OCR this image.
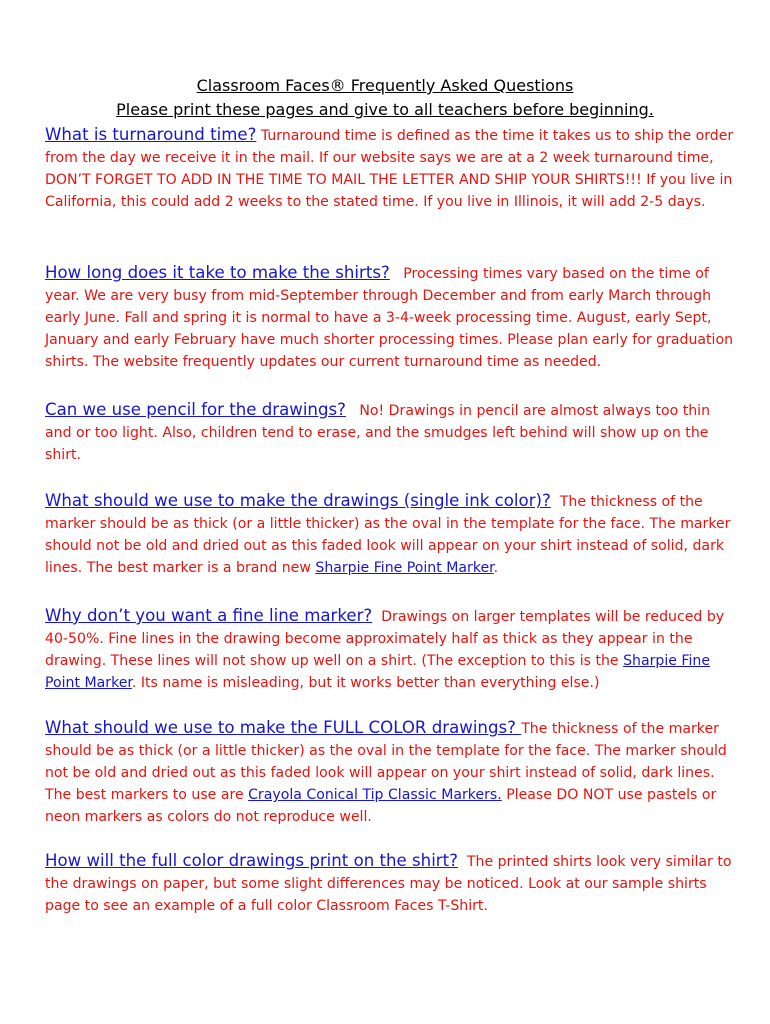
Classroom Faces® Frequently Asked Questions
Please print these pages and give to all teachers before beginning.
What is turnaround time? Turnaround time is defined as the time it takes us to ship the order from the day we receive it in the mail. If our website says we are at a 2 week turnaround time, DON’T FORGET TO ADD IN THE TIME TO MAIL THE LETTER AND SHIP YOUR SHIRTS!!! If you live in California, this could add 2 weeks to the stated time. If you live in Illinois, it will add 2-5 days.
How long does it take to make the shirts? Processing times vary based on the time of year. We are very busy from mid-September through December and from early March through early June. Fall and spring it is normal to have a 3-4-week processing time. August, early Sept, January and early February have much shorter processing times. Please plan early for graduation shirts. The website frequently updates our current turnaround time as needed.
Can we use pencil for the drawings? No! Drawings in pencil are almost always too thin and or too light. Also, children tend to erase, and the smudges left behind will show up on the shirt.
What should we use to make the drawings (single ink color)? The thickness of the marker should be as thick (or a little thicker) as the oval in the template for the face. The marker should not be old and dried out as this faded look will appear on your shirt instead of solid, dark lines. The best marker is a brand new Sharpie Fine Point Marker.
Why don’t you want a fine line marker? Drawings on larger templates will be reduced by 40-50%. Fine lines in the drawing become approximately half as thick as they appear in the drawing. These lines will not show up well on a shirt. (The exception to this is the Sharpie Fine Point Marker. Its name is misleading, but it works better than everything else.)
What should we use to make the FULL COLOR drawings? The thickness of the marker should be as thick (or a little thicker) as the oval in the template for the face. The marker should not be old and dried out as this faded look will appear on your shirt instead of solid, dark lines. The best markers to use are Crayola Conical Tip Classic Markers. Please DO NOT use pastels or neon markers as colors do not reproduce well.
How will the full color drawings print on the shirt? The printed shirts look very similar to the drawings on paper, but some slight differences may be noticed. Look at our sample shirts page to see an example of a full color Classroom Faces T-Shirt.
